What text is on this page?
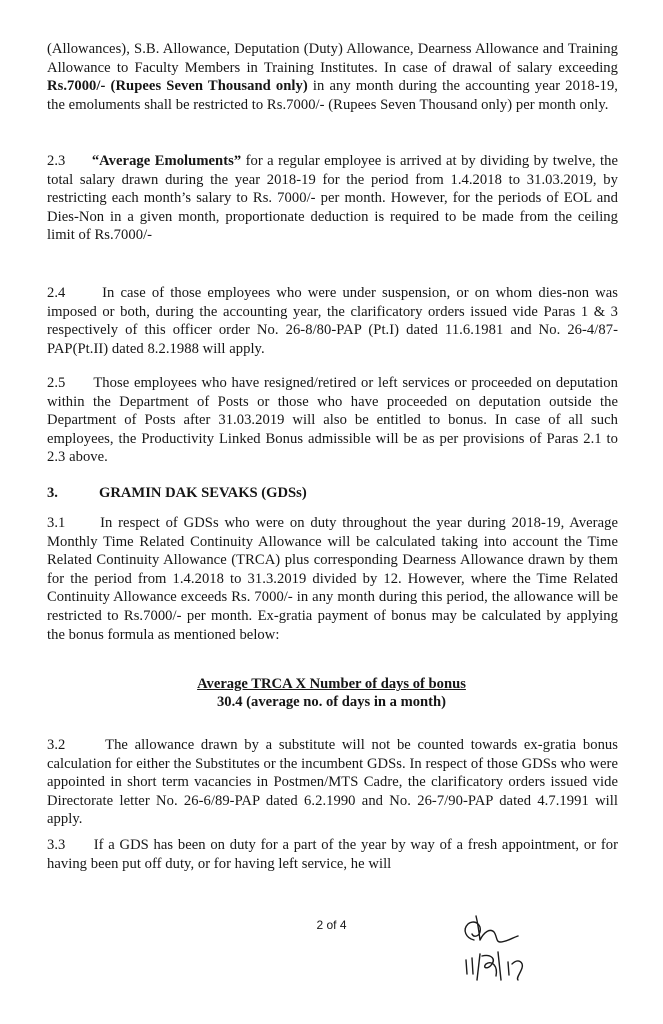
(Allowances), S.B. Allowance, Deputation (Duty) Allowance, Dearness Allowance and Training Allowance to Faculty Members in Training Institutes. In case of drawal of salary exceeding Rs.7000/- (Rupees Seven Thousand only) in any month during the accounting year 2018-19, the emoluments shall be restricted to Rs.7000/- (Rupees Seven Thousand only) per month only.

2.3 “Average Emoluments” for a regular employee is arrived at by dividing by twelve, the total salary drawn during the year 2018-19 for the period from 1.4.2018 to 31.03.2019, by restricting each month’s salary to Rs. 7000/- per month. However, for the periods of EOL and Dies-Non in a given month, proportionate deduction is required to be made from the ceiling limit of Rs.7000/-

2.4	In case of those employees who were under suspension, or on whom dies-non was imposed or both, during the accounting year, the clarificatory orders issued vide Paras 1 & 3 respectively of this officer order No. 26-8/80-PAP (Pt.I) dated 11.6.1981 and No. 26-4/87-PAP(Pt.II) dated 8.2.1988 will apply.

2.5 Those employees who have resigned/retired or left services or proceeded on deputation within the Department of Posts or those who have proceeded on deputation outside the Department of Posts after 31.03.2019 will also be entitled to bonus. In case of all such employees, the Productivity Linked Bonus admissible will be as per provisions of Paras 2.1 to 2.3 above.

3.	GRAMIN DAK SEVAKS (GDSs)

3.1 In respect of GDSs who were on duty throughout the year during 2018-19, Average Monthly Time Related Continuity Allowance will be calculated taking into account the Time Related Continuity Allowance (TRCA) plus corresponding Dearness Allowance drawn by them for the period from 1.4.2018 to 31.3.2019 divided by 12. However, where the Time Related Continuity Allowance exceeds Rs. 7000/- in any month during this period, the allowance will be restricted to Rs.7000/- per month. Ex-gratia payment of bonus may be calculated by applying the bonus formula as mentioned below:

Average TRCA X Number of days of bonus
30.4 (average no. of days in a month)

3.2	The allowance drawn by a substitute will not be counted towards ex-gratia bonus calculation for either the Substitutes or the incumbent GDSs. In respect of those GDSs who were appointed in short term vacancies in Postmen/MTS Cadre, the clarificatory orders issued vide Directorate letter No. 26-6/89-PAP dated 6.2.1990 and No. 26-7/90-PAP dated 4.7.1991 will apply.

3.3 If a GDS has been on duty for a part of the year by way of a fresh appointment, or for having been put off duty, or for having left service, he will

2 of 4
